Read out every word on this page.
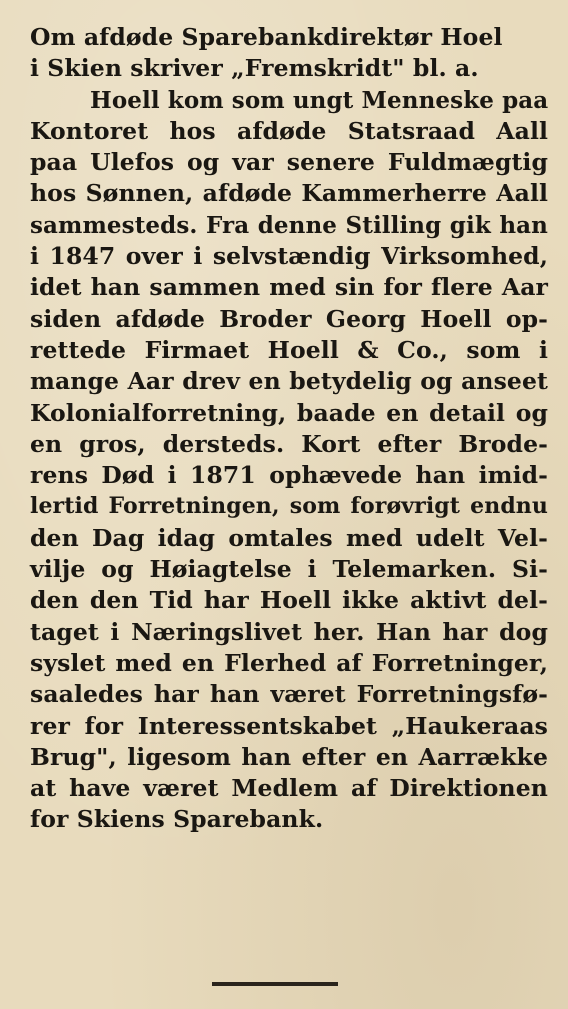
Om afdøde Sparebankdirektør Hoel
i Skien skriver „Fremskridt" bl. a.
Hoell kom som ungt Menneske paa
Kontoret hos afdøde Statsraad Aall
paa Ulefos og var senere Fuldmægtig
hos Sønnen, afdøde Kammerherre Aall
sammesteds. Fra denne Stilling gik han
i 1847 over i selvstændig Virksomhed,
idet han sammen med sin for flere Aar
siden afdøde Broder Georg Hoell op-
rettede Firmaet Hoell & Co., som i
mange Aar drev en betydelig og anseet
Kolonialforretning, baade en detail og
en gros, dersteds. Kort efter Brode-
rens Død i 1871 ophævede han imid-
lertid Forretningen, som forøvrigt endnu
den Dag idag omtales med udelt Vel-
vilje og Høiagtelse i Telemarken. Si-
den den Tid har Hoell ikke aktivt del-
taget i Næringslivet her. Han har dog
syslet med en Flerhed af Forretninger,
saaledes har han været Forretningsfø-
rer for Interessentskabet „Haukeraas
Brug", ligesom han efter en Aarrække
at have været Medlem af Direktionen
for Skiens Sparebank.
